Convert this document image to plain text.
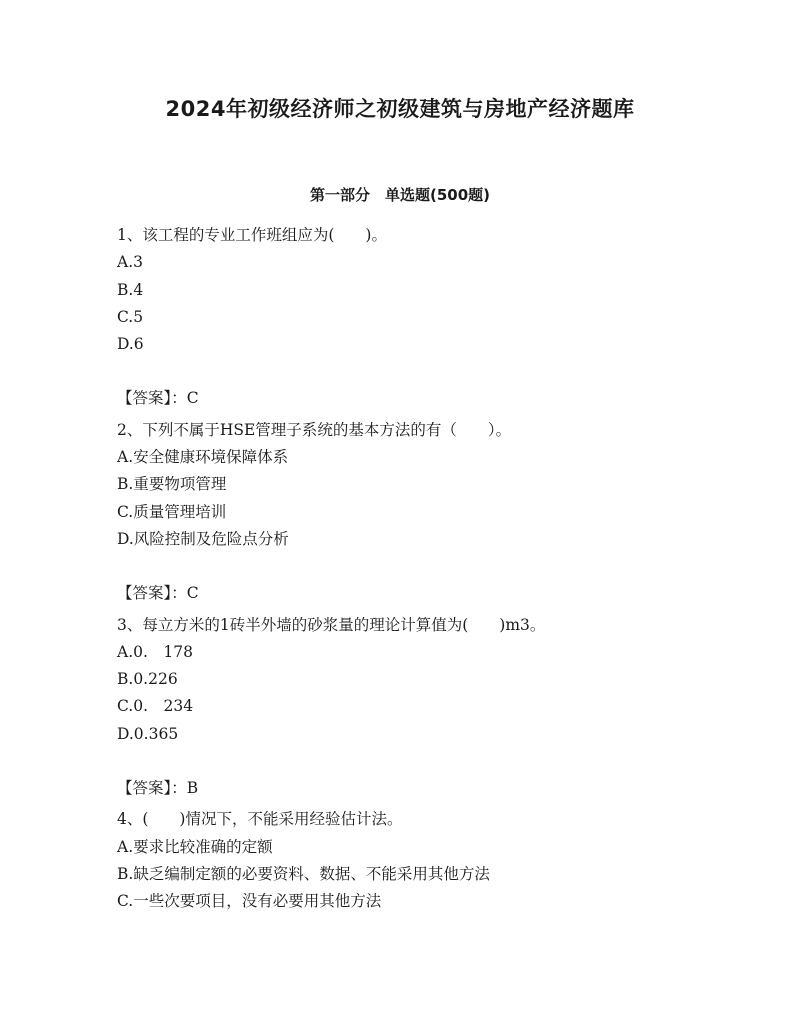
2024年初级经济师之初级建筑与房地产经济题库
第一部分　单选题(500题)

1、该工程的专业工作班组应为(　　)。

A.3

B.4

C.5

D.6

【答案】：C

2、下列不属于HSE管理子系统的基本方法的有（　　）。

A.安全健康环境保障体系

B.重要物项管理

C.质量管理培训

D.风险控制及危险点分析

【答案】：C

3、每立方米的1砖半外墙的砂浆量的理论计算值为(　　)m3。

A.0.　178

B.0.226

C.0.　234

D.0.365

【答案】：B

4、(　　)情况下，不能采用经验估计法。

A.要求比较准确的定额

B.缺乏编制定额的必要资料、数据、不能采用其他方法

C.一些次要项目，没有必要用其他方法
